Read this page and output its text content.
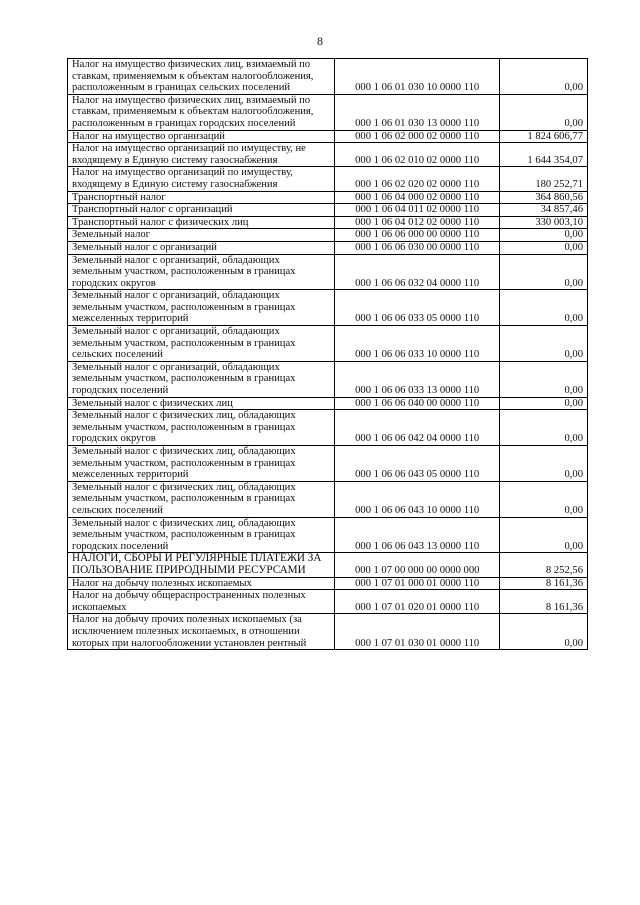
8
Налог на имущество физических лиц, взимаемый по ставкам, применяемым к объектам налогообложения, расположенным в границах сельских поселений	000 1 06 01 030 10 0000 110	0,00
Налог на имущество физических лиц, взимаемый по ставкам, применяемым к объектам налогообложения, расположенным в границах городских поселений	000 1 06 01 030 13 0000 110	0,00
Налог на имущество организаций	000 1 06 02 000 02 0000 110	1 824 606,77
Налог на имущество организаций по имуществу, не входящему в Единую систему газоснабжения	000 1 06 02 010 02 0000 110	1 644 354,07
Налог на имущество организаций по имуществу, входящему в Единую систему газоснабжения	000 1 06 02 020 02 0000 110	180 252,71
Транспортный налог	000 1 06 04 000 02 0000 110	364 860,56
Транспортный налог с организаций	000 1 06 04 011 02 0000 110	34 857,46
Транспортный налог с физических лиц	000 1 06 04 012 02 0000 110	330 003,10
Земельный налог	000 1 06 06 000 00 0000 110	0,00
Земельный налог с организаций	000 1 06 06 030 00 0000 110	0,00
Земельный налог с организаций, обладающих земельным участком, расположенным в границах городских округов	000 1 06 06 032 04 0000 110	0,00
Земельный налог с организаций, обладающих земельным участком, расположенным в границах межселенных территорий	000 1 06 06 033 05 0000 110	0,00
Земельный налог с организаций, обладающих земельным участком, расположенным в границах сельских поселений	000 1 06 06 033 10 0000 110	0,00
Земельный налог с организаций, обладающих земельным участком, расположенным в границах городских поселений	000 1 06 06 033 13 0000 110	0,00
Земельный налог с физических лиц	000 1 06 06 040 00 0000 110	0,00
Земельный налог с физических лиц, обладающих земельным участком, расположенным в границах городских округов	000 1 06 06 042 04 0000 110	0,00
Земельный налог с физических лиц, обладающих земельным участком, расположенным в границах межселенных территорий	000 1 06 06 043 05 0000 110	0,00
Земельный налог с физических лиц, обладающих земельным участком, расположенным в границах сельских поселений	000 1 06 06 043 10 0000 110	0,00
Земельный налог с физических лиц, обладающих земельным участком, расположенным в границах городских поселений	000 1 06 06 043 13 0000 110	0,00
НАЛОГИ, СБОРЫ И РЕГУЛЯРНЫЕ ПЛАТЕЖИ ЗА ПОЛЬЗОВАНИЕ ПРИРОДНЫМИ РЕСУРСАМИ	000 1 07 00 000 00 0000 000	8 252,56
Налог на добычу полезных ископаемых	000 1 07 01 000 01 0000 110	8 161,36
Налог на добычу общераспространенных полезных ископаемых	000 1 07 01 020 01 0000 110	8 161,36
Налог на добычу прочих полезных ископаемых (за исключением полезных ископаемых, в отношении которых при налогообложении установлен рентный	000 1 07 01 030 01 0000 110	0,00
